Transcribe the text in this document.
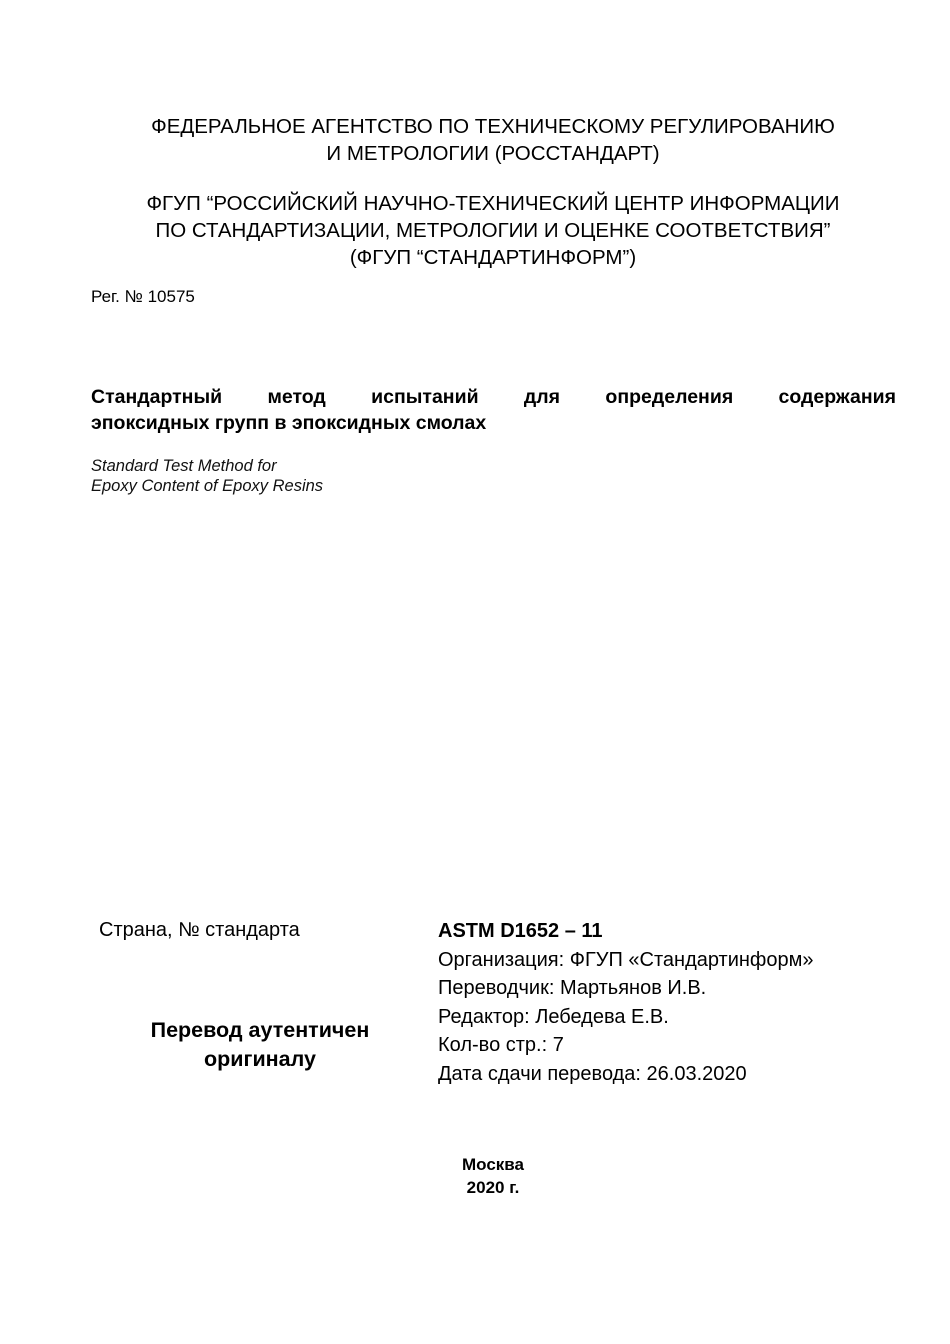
ФЕДЕРАЛЬНОЕ АГЕНТСТВО ПО ТЕХНИЧЕСКОМУ РЕГУЛИРОВАНИЮ
И МЕТРОЛОГИИ (РОССТАНДАРТ)
ФГУП “РОССИЙСКИЙ НАУЧНО-ТЕХНИЧЕСКИЙ ЦЕНТР ИНФОРМАЦИИ
ПО СТАНДАРТИЗАЦИИ, МЕТРОЛОГИИ И ОЦЕНКЕ СООТВЕТСТВИЯ”
(ФГУП “СТАНДАРТИНФОРМ”)
Рег. № 10575
Стандартный метод испытаний для определения содержания
эпоксидных групп в эпоксидных смолах
Standard Test Method for
Epoxy Content of Epoxy Resins
Страна, № стандарта
Перевод аутентичен
оригиналу
ASTM D1652 – 11
Организация: ФГУП «Стандартинформ»
Переводчик: Мартьянов И.В.
Редактор: Лебедева Е.В.
Кол-во стр.: 7
Дата сдачи перевода: 26.03.2020
Москва
2020 г.
